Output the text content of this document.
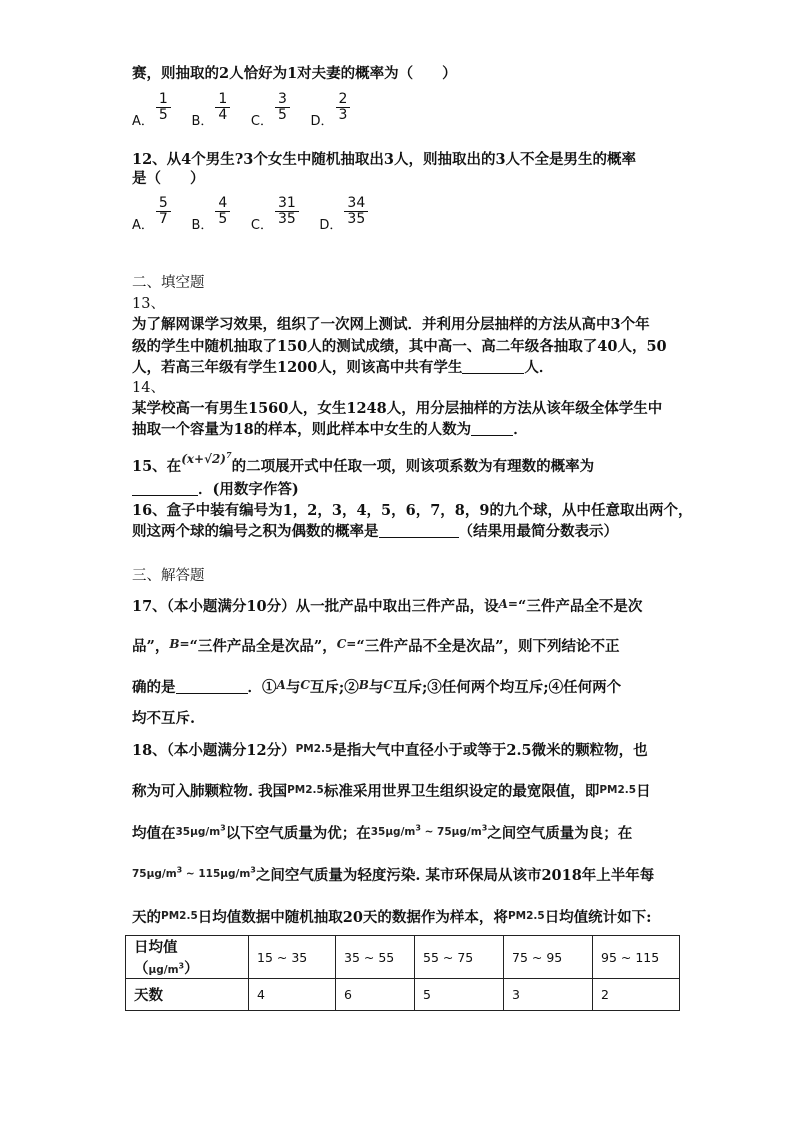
赛，则抽取的2人恰好为1对夫妻的概率为（　　）
A． $\frac{1}{5}$ B． $\frac{1}{4}$ C． $\frac{3}{5}$ D． $\frac{2}{3}$
12、从4个男生?3个女生中随机抽取出3人，则抽取出的3人不全是男生的概率
是（　　）
A． $\frac{5}{7}$ B． $\frac{4}{5}$ C． $\frac{31}{35}$ D． $\frac{34}{35}$
二、填空题
13、
为了解网课学习效果，组织了一次网上测试．并利用分层抽样的方法从高中3个年
级的学生中随机抽取了150人的测试成绩，其中高一、高二年级各抽取了40人，50
人，若高三年级有学生1200人，则该高中共有学生	人．
14、
某学校高一有男生1560人，女生1248人，用分层抽样的方法从该年级全体学生中
抽取一个容量为18的样本，则此样本中女生的人数为	．
15、在$^{(x+√2)^7}$的二项展开式中任取一项，则该项系数为有理数的概率为
．(用数字作答)
16、盒子中装有编号为1，2，3，4，5，6，7，8，9的九个球，从中任意取出两个，
则这两个球的编号之积为偶数的概率是	（结果用最简分数表示）
三、解答题
17、（本小题满分10分）从一批产品中取出三件产品，设$^{A=}$“三件产品全不是次
品”，$^{B=}$“三件产品全是次品”，$^{C=}$“三件产品不全是次品”，则下列结论不正
确的是	．①$^A$与$^C$互斥;②$^B$与$^C$互斥;③任何两个均互斥;④任何两个
均不互斥.
18、（本小题满分12分）$^{PM2.5}$是指大气中直径小于或等于2.5微米的颗粒物，也
称为可入肺颗粒物. 我国$^{PM2.5}$标准采用世界卫生组织设定的最宽限值，即$^{PM2.5}$日
均值在$^{35\mu g/m^3}$以下空气质量为优；在$^{35\mu g/m^3 \sim 75\mu g/m^3}$之间空气质量为良；在
$^{75\mu g/m^3 \sim 115\mu g/m^3}$之间空气质量为轻度污染. 某市环保局从该市2018年上半年每
天的$^{PM2.5}$日均值数据中随机抽取20天的数据作为样本，将$^{PM2.5}$日均值统计如下:
日均值$(\mu g/m^3)$	15 ~ 35	35 ~ 55	55 ~ 75	75 ~ 95	95 ~ 115
天数	4	6	5	3	2
